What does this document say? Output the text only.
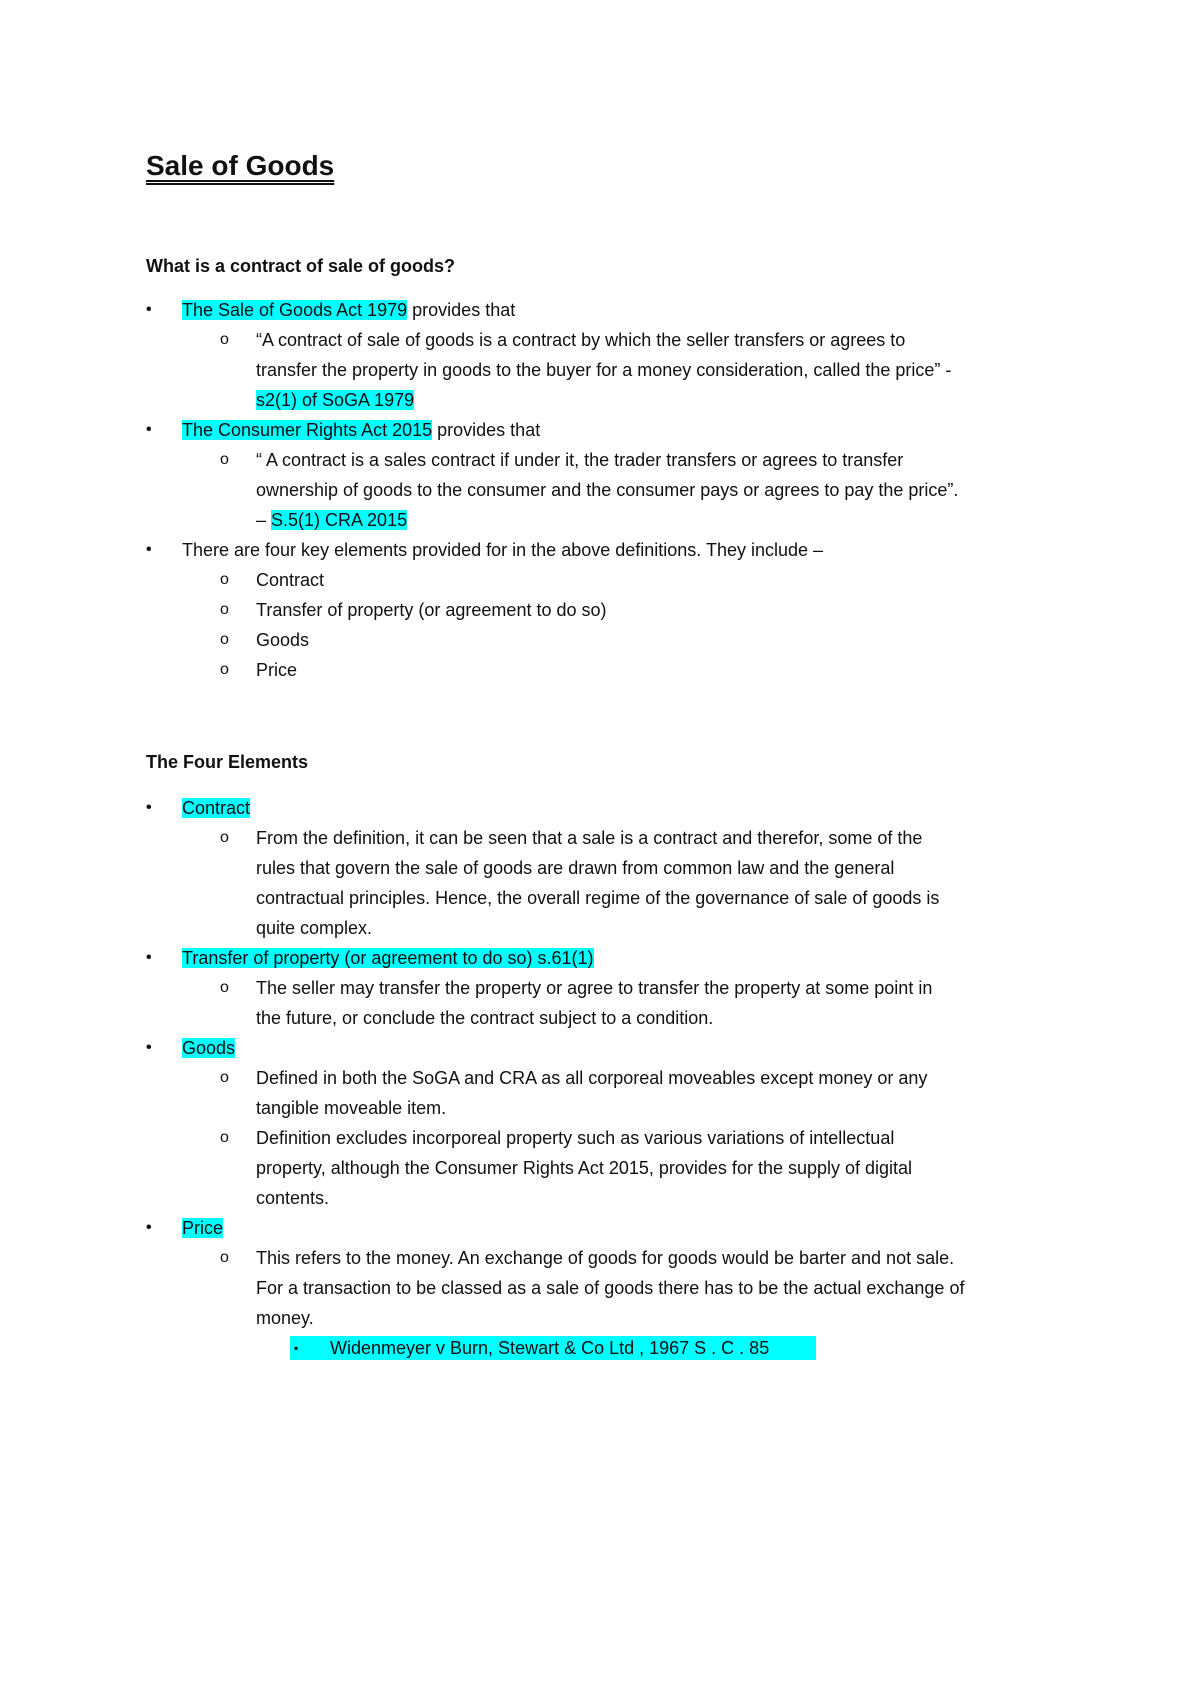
Sale of Goods
What is a contract of sale of goods?
• The Sale of Goods Act 1979 provides that
o “A contract of sale of goods is a contract by which the seller transfers or agrees to
transfer the property in goods to the buyer for a money consideration, called the price” -
s2(1) of SoGA 1979
• The Consumer Rights Act 2015 provides that
o “ A contract is a sales contract if under it, the trader transfers or agrees to transfer
ownership of goods to the consumer and the consumer pays or agrees to pay the price”.
– S.5(1) CRA 2015
• There are four key elements provided for in the above definitions. They include –
o Contract
o Transfer of property (or agreement to do so)
o Goods
o Price
The Four Elements
• Contract
o From the definition, it can be seen that a sale is a contract and therefor, some of the
rules that govern the sale of goods are drawn from common law and the general
contractual principles. Hence, the overall regime of the governance of sale of goods is
quite complex.
• Transfer of property (or agreement to do so) s.61(1)
o The seller may transfer the property or agree to transfer the property at some point in
the future, or conclude the contract subject to a condition.
• Goods
o Defined in both the SoGA and CRA as all corporeal moveables except money or any
tangible moveable item.
o Definition excludes incorporeal property such as various variations of intellectual
property, although the Consumer Rights Act 2015, provides for the supply of digital
contents.
• Price
o This refers to the money. An exchange of goods for goods would be barter and not sale.
For a transaction to be classed as a sale of goods there has to be the actual exchange of
money.
▪ Widenmeyer v Burn, Stewart & Co Ltd , 1967 S . C . 85
